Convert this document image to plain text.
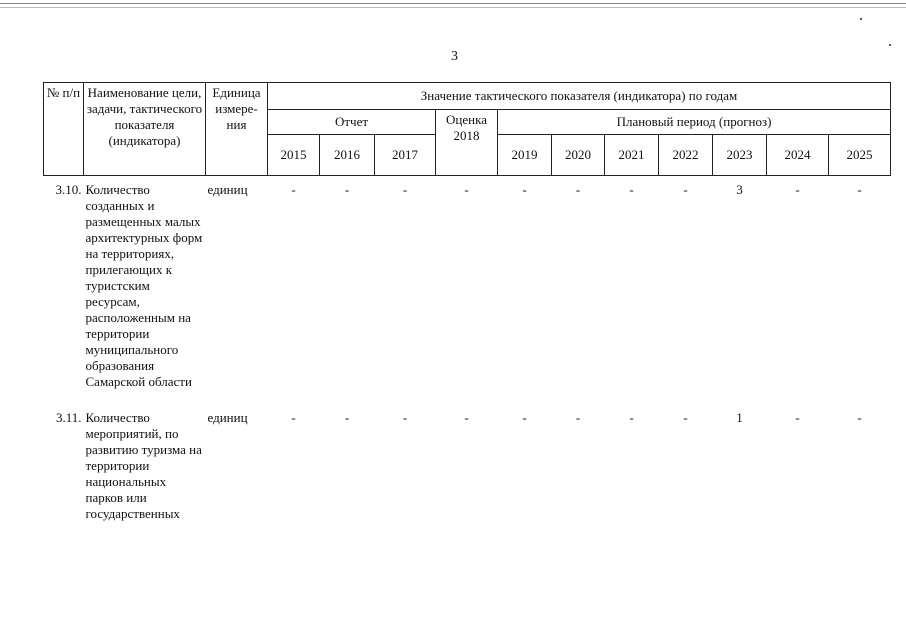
3
№ п/п	Наименование цели, задачи, тактического показателя (индикатора)	Единица измере-ния	Значение тактического показателя (индикатора) по годам										
			Отчет			Оценка 2018	Плановый период (прогноз)						
			2015	2016	2017		2019	2020	2021	2022	2023	2024	2025
3.10.	Количество созданных и размещенных малых архитектурных форм на территориях, прилегающих к туристским ресурсам, расположенным на территории муниципального образования Самарской области	единиц	-	-	-	-	-	-	-	-	3	-	-
3.11.	Количество мероприятий, по развитию туризма на территории национальных парков или государственных	единиц	-	-	-	-	-	-	-	-	1	-	-
